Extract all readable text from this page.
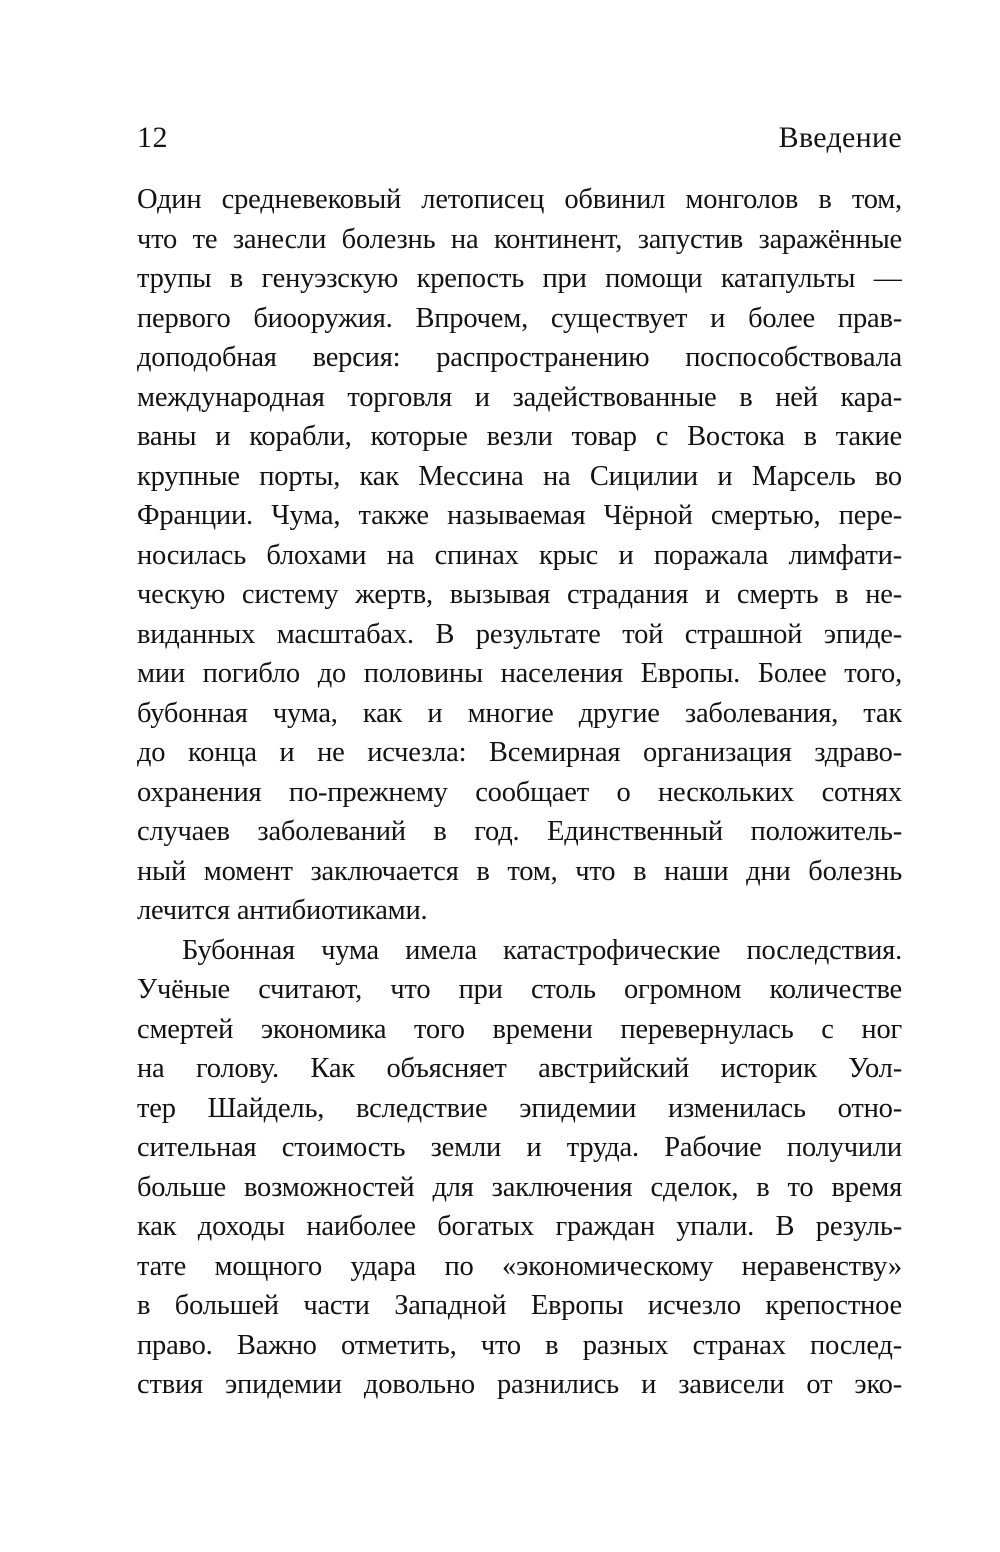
12	Введение
Один средневековый летописец обвинил монголов в том,
что те занесли болезнь на континент, запустив заражённые
трупы в генуэзскую крепость при помощи катапульты —
первого биооружия. Впрочем, существует и более прав-
доподобная версия: распространению поспособствовала
международная торговля и задействованные в ней кара-
ваны и корабли, которые везли товар с Востока в такие
крупные порты, как Мессина на Сицилии и Марсель во
Франции. Чума, также называемая Чёрной смертью, пере-
носилась блохами на спинах крыс и поражала лимфати-
ческую систему жертв, вызывая страдания и смерть в не-
виданных масштабах. В результате той страшной эпиде-
мии погибло до половины населения Европы. Более того,
бубонная чума, как и многие другие заболевания, так
до конца и не исчезла: Всемирная организация здраво-
охранения по-прежнему сообщает о нескольких сотнях
случаев заболеваний в год. Единственный положитель-
ный момент заключается в том, что в наши дни болезнь
лечится антибиотиками.
Бубонная чума имела катастрофические последствия.
Учёные считают, что при столь огромном количестве
смертей экономика того времени перевернулась с ног
на голову. Как объясняет австрийский историк Уол-
тер Шайдель, вследствие эпидемии изменилась отно-
сительная стоимость земли и труда. Рабочие получили
больше возможностей для заключения сделок, в то время
как доходы наиболее богатых граждан упали. В резуль-
тате мощного удара по «экономическому неравенству»
в большей части Западной Европы исчезло крепостное
право. Важно отметить, что в разных странах послед-
ствия эпидемии довольно разнились и зависели от эко-
